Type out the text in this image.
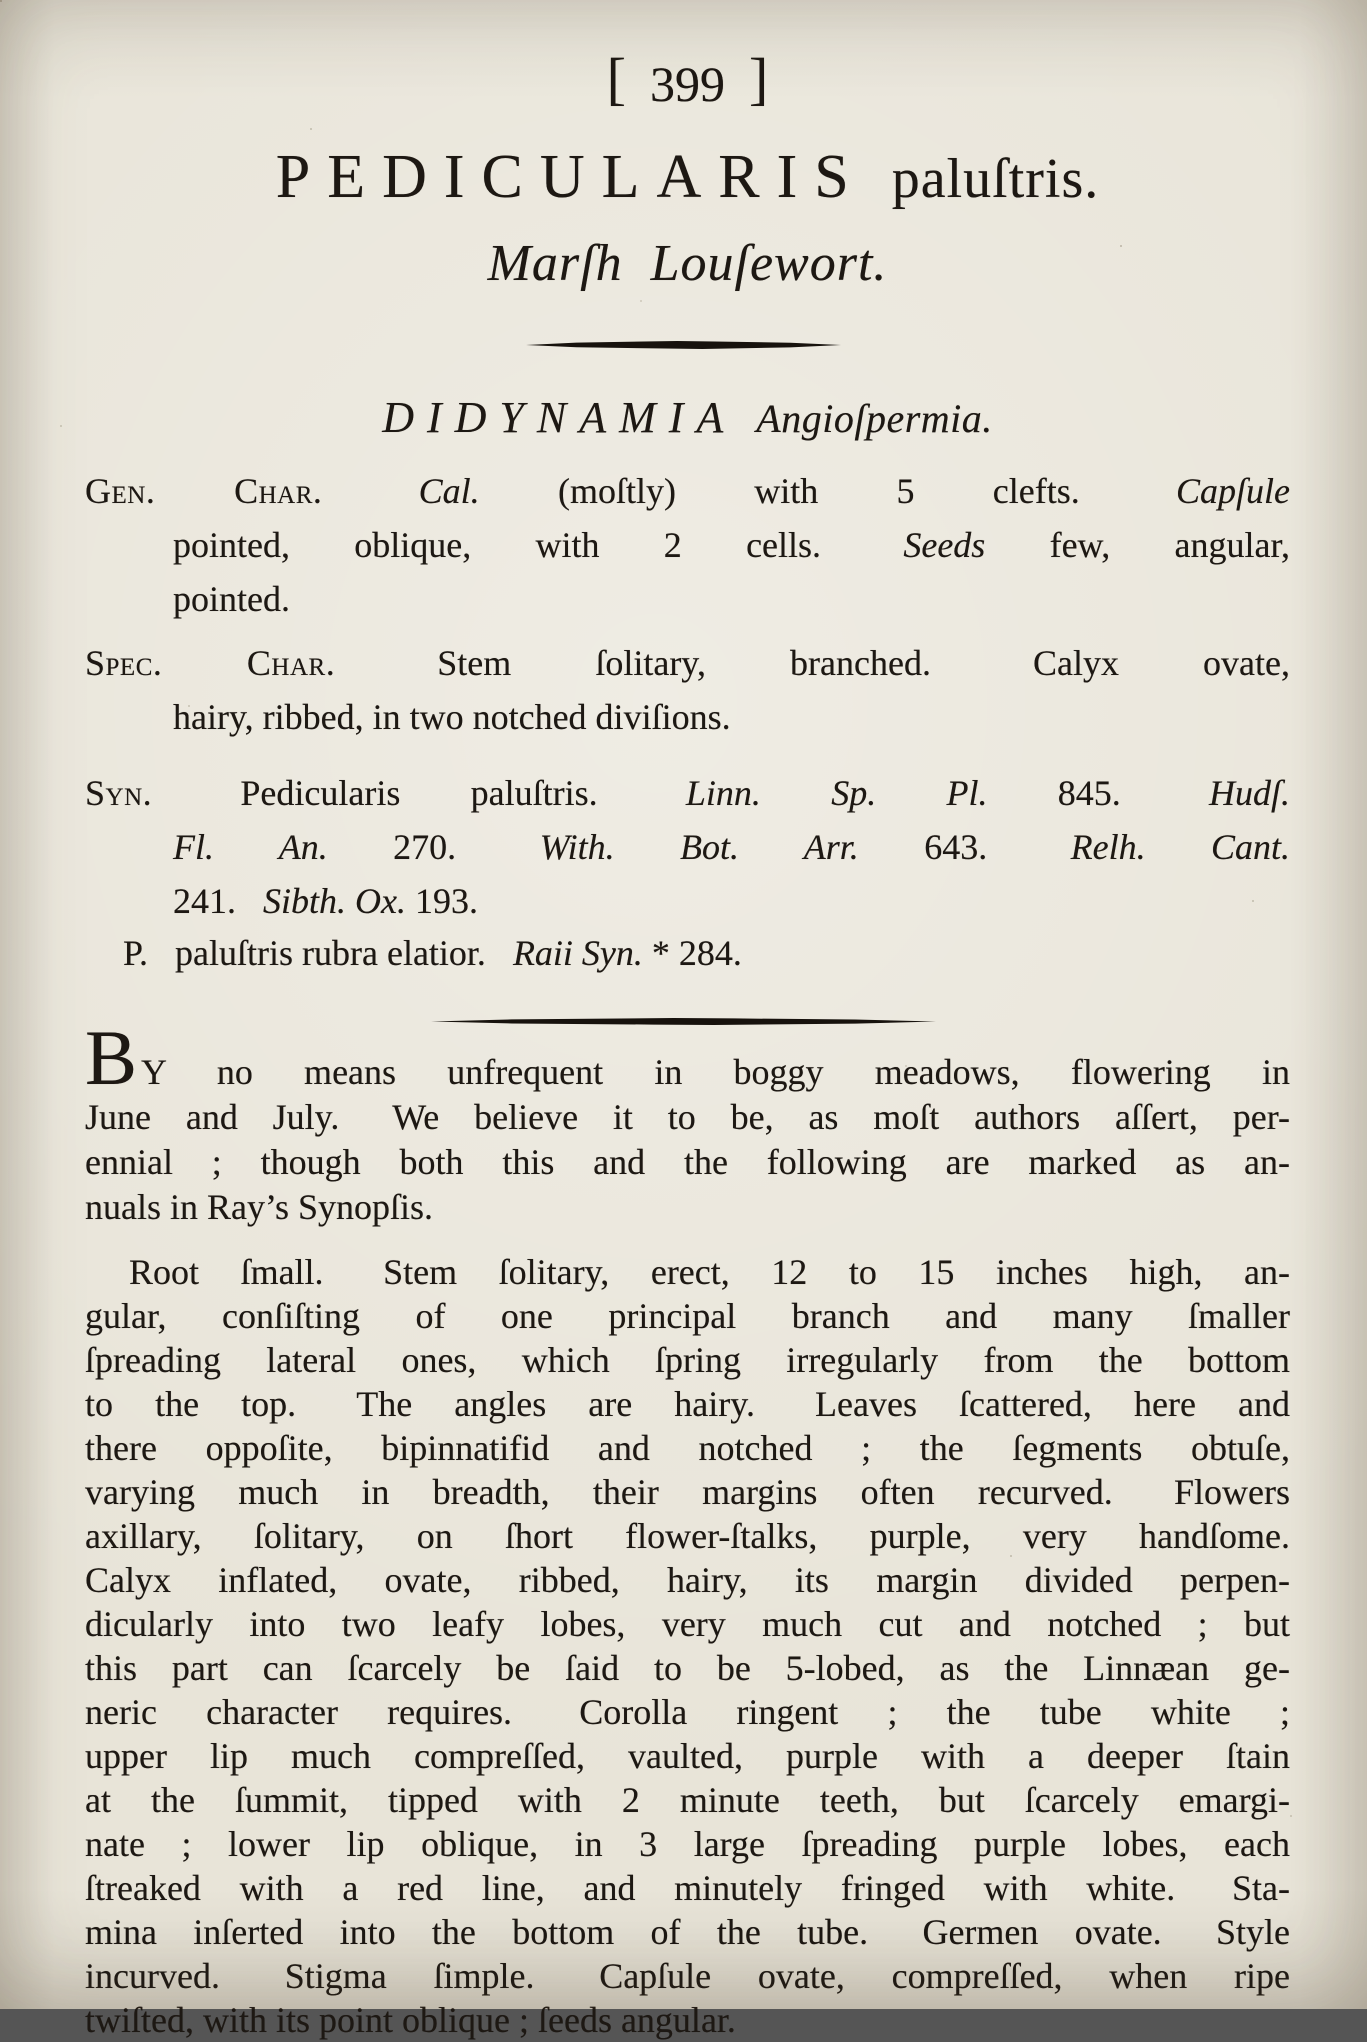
[ 399 ]
PEDICULARIS paluſtris.
Marſh Louſewort.
DIDYNAMIA Angioſpermia.
Gen. Char.  	Cal. (moſtly) with 5 clefts.  Capſule
pointed, oblique, with 2 cells.  Seeds few, angular,
pointed.
Spec. Char.  Stem ſolitary, branched.  Calyx ovate,
hairy, ribbed, in two notched diviſions.
Syn.  Pedicularis paluſtris.  Linn. Sp. Pl. 845.  Hudſ.
Fl. An. 270.  With. Bot. Arr. 643.  Relh. Cant.
241.  Sibth. Ox. 193.
P.  paluſtris rubra elatior.  Raii Syn. * 284.
B Y no means unfrequent in boggy meadows, flowering in
June and July.  We believe it to be, as moſt authors aſſert, per-
ennial ; though both this and the following are marked as an-
nuals in Ray’s Synopſis.
Root ſmall.  Stem ſolitary, erect, 12 to 15 inches high, an-
gular, conſiſting of one principal branch and many ſmaller
ſpreading lateral ones, which ſpring irregularly from the bottom
to the top.  The angles are hairy.  Leaves ſcattered, here and
there oppoſite, bipinnatifid and notched ; the ſegments obtuſe,
varying much in breadth, their margins often recurved.  Flowers
axillary, ſolitary, on ſhort flower-ſtalks, purple, very handſome.
Calyx inflated, ovate, ribbed, hairy, its margin divided perpen-
dicularly into two leafy lobes, very much cut and notched ; but
this part can ſcarcely be ſaid to be 5-lobed, as the Linnæan ge-
neric character requires.  Corolla ringent ; the tube white ;
upper lip much compreſſed, vaulted, purple with a deeper ſtain
at the ſummit, tipped with 2 minute teeth, but ſcarcely emargi-
nate ; lower lip oblique, in 3 large ſpreading purple lobes, each
ſtreaked with a red line, and minutely fringed with white.  Sta-
mina inſerted into the bottom of the tube.  Germen ovate.  Style
incurved.  Stigma ſimple.  Capſule ovate, compreſſed, when ripe
twiſted, with its point oblique ; ſeeds angular.
